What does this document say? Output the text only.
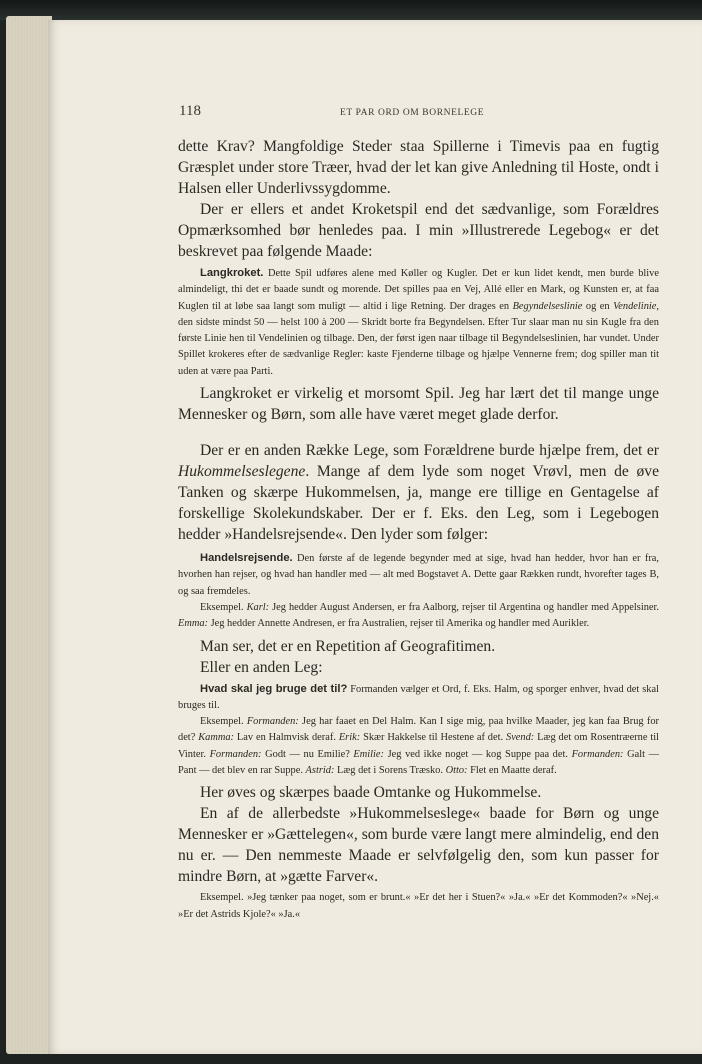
118	ET PAR ORD OM BORNELEGE

dette Krav? Mangfoldige Steder staa Spillerne i Timevis paa en fugtig Græsplet under store Træer, hvad der let kan give Anledning til Hoste, ondt i Halsen eller Underlivssygdomme.

Der er ellers et andet Kroketspil end det sædvanlige, som Forældres Opmærksomhed bør henledes paa. I min »Illustrerede Legebog« er det beskrevet paa følgende Maade:

Langkroket. Dette Spil udføres alene med Køller og Kugler. Det er kun lidet kendt, men burde blive almindeligt, thi det er baade sundt og morende. Det spilles paa en Vej, Allé eller en Mark, og Kunsten er, at faa Kuglen til at løbe saa langt som muligt — altid i lige Retning. Der drages en Begyndelseslinie og en Vendelinie, den sidste mindst 50 — helst 100 à 200 — Skridt borte fra Begyndelsen. Efter Tur slaar man nu sin Kugle fra den første Linie hen til Vendelinien og tilbage. Den, der først igen naar tilbage til Begyndelseslinien, har vundet. Under Spillet krokeres efter de sædvanlige Regler: kaste Fjenderne tilbage og hjælpe Vennerne frem; dog spiller man tit uden at være paa Parti.

Langkroket er virkelig et morsomt Spil. Jeg har lært det til mange unge Mennesker og Børn, som alle have været meget glade derfor.

Der er en anden Række Lege, som Forældrene burde hjælpe frem, det er Hukommelseslegene. Mange af dem lyde som noget Vrøvl, men de øve Tanken og skærpe Hukommelsen, ja, mange ere tillige en Gentagelse af forskellige Skolekundskaber. Der er f. Eks. den Leg, som i Legebogen hedder »Handelsrejsende«. Den lyder som følger:

Handelsrejsende. Den første af de legende begynder med at sige, hvad han hedder, hvor han er fra, hvorhen han rejser, og hvad han handler med — alt med Bogstavet A. Dette gaar Rækken rundt, hvorefter tages B, og saa fremdeles.

Eksempel. Karl: Jeg hedder August Andersen, er fra Aalborg, rejser til Argentina og handler med Appelsiner. Emma: Jeg hedder Annette Andresen, er fra Australien, rejser til Amerika og handler med Aurikler.

Man ser, det er en Repetition af Geografitimen.

Eller en anden Leg:

Hvad skal jeg bruge det til? Formanden vælger et Ord, f. Eks. Halm, og sporger enhver, hvad det skal bruges til.

Eksempel. Formanden: Jeg har faaet en Del Halm. Kan I sige mig, paa hvilke Maader, jeg kan faa Brug for det? Kamma: Lav en Halmvisk deraf. Erik: Skær Hakkelse til Hestene af det. Svend: Læg det om Rosentræerne til Vinter. Formanden: Godt — nu Emilie? Emilie: Jeg ved ikke noget — kog Suppe paa det. Formanden: Galt — Pant — det blev en rar Suppe. Astrid: Læg det i Sorens Træsko. Otto: Flet en Maatte deraf.

Her øves og skærpes baade Omtanke og Hukommelse.

En af de allerbedste »Hukommelseslege« baade for Børn og unge Mennesker er »Gættelegen«, som burde være langt mere almindelig, end den nu er. — Den nemmeste Maade er selvfølgelig den, som kun passer for mindre Børn, at »gætte Farver«.

Eksempel. »Jeg tænker paa noget, som er brunt.« »Er det her i Stuen?« »Ja.« »Er det Kommoden?« »Nej.« »Er det Astrids Kjole?« »Ja.«
